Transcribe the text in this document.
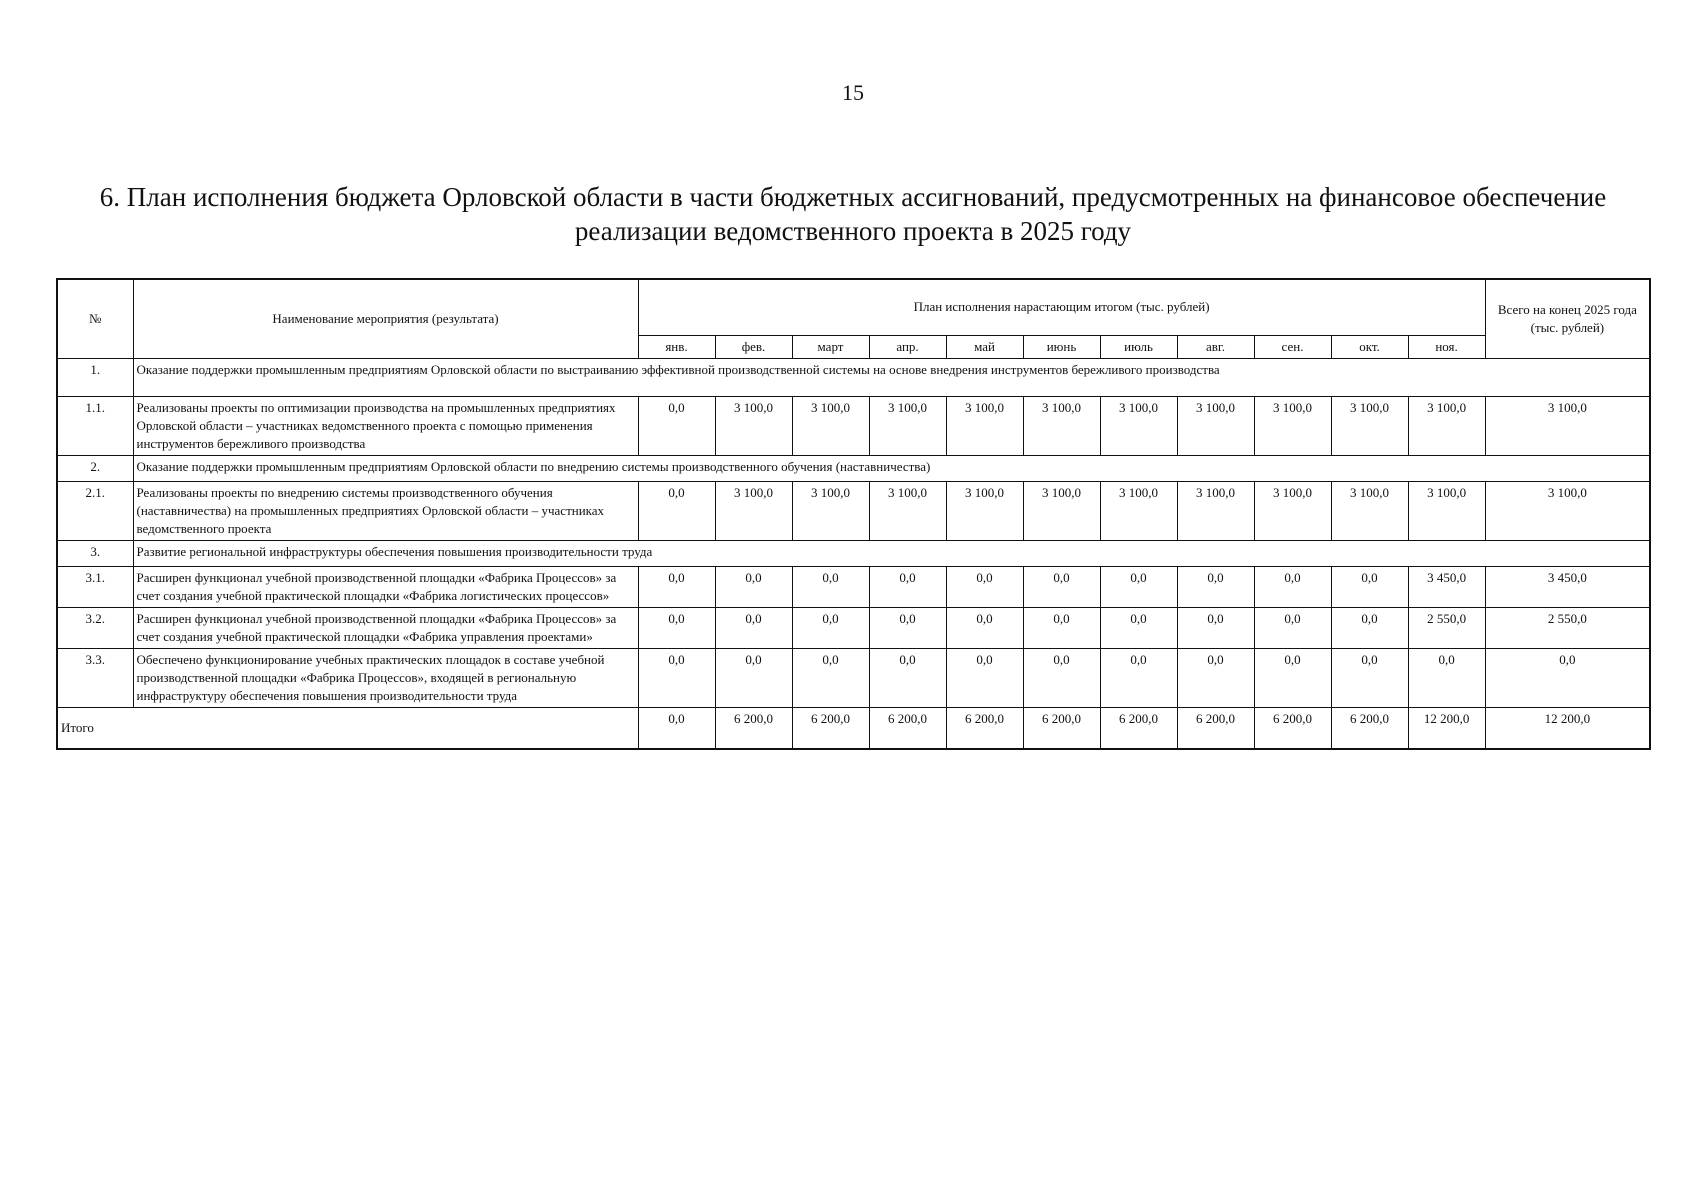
15
6. План исполнения бюджета Орловской области в части бюджетных ассигнований, предусмотренных на финансовое обеспечение
реализации ведомственного проекта в 2025 году
№	Наименование мероприятия (результата)	План исполнения нарастающим итогом (тыс. рублей)											Всего на конец 2025 года (тыс. рублей)
		янв.	фев.	март	апр.	май	июнь	июль	авг.	сен.	окт.	ноя.	
1.	Оказание поддержки промышленным предприятиям Орловской области по выстраиванию эффективной производственной системы на основе внедрения инструментов бережливого производства												
1.1.	Реализованы проекты по оптимизации производства на промышленных предприятиях Орловской области – участниках ведомственного проекта с помощью применения инструментов бережливого производства	0,0	3 100,0	3 100,0	3 100,0	3 100,0	3 100,0	3 100,0	3 100,0	3 100,0	3 100,0	3 100,0	3 100,0
2.	Оказание поддержки промышленным предприятиям Орловской области по внедрению системы производственного обучения (наставничества)												
2.1.	Реализованы проекты по внедрению системы производственного обучения (наставничества) на промышленных предприятиях Орловской области – участниках ведомственного проекта	0,0	3 100,0	3 100,0	3 100,0	3 100,0	3 100,0	3 100,0	3 100,0	3 100,0	3 100,0	3 100,0	3 100,0
3.	Развитие региональной инфраструктуры обеспечения повышения производительности труда												
3.1.	Расширен функционал учебной производственной площадки «Фабрика Процессов» за счет создания учебной практической площадки «Фабрика логистических процессов»	0,0	0,0	0,0	0,0	0,0	0,0	0,0	0,0	0,0	0,0	3 450,0	3 450,0
3.2.	Расширен функционал учебной производственной площадки «Фабрика Процессов» за счет создания учебной практической площадки «Фабрика управления проектами»	0,0	0,0	0,0	0,0	0,0	0,0	0,0	0,0	0,0	0,0	2 550,0	2 550,0
3.3.	Обеспечено функционирование учебных практических площадок в составе учебной производственной площадки «Фабрика Процессов», входящей в региональную инфраструктуру обеспечения повышения производительности труда	0,0	0,0	0,0	0,0	0,0	0,0	0,0	0,0	0,0	0,0	0,0	0,0
Итого		0,0	6 200,0	6 200,0	6 200,0	6 200,0	6 200,0	6 200,0	6 200,0	6 200,0	6 200,0	12 200,0	12 200,0
